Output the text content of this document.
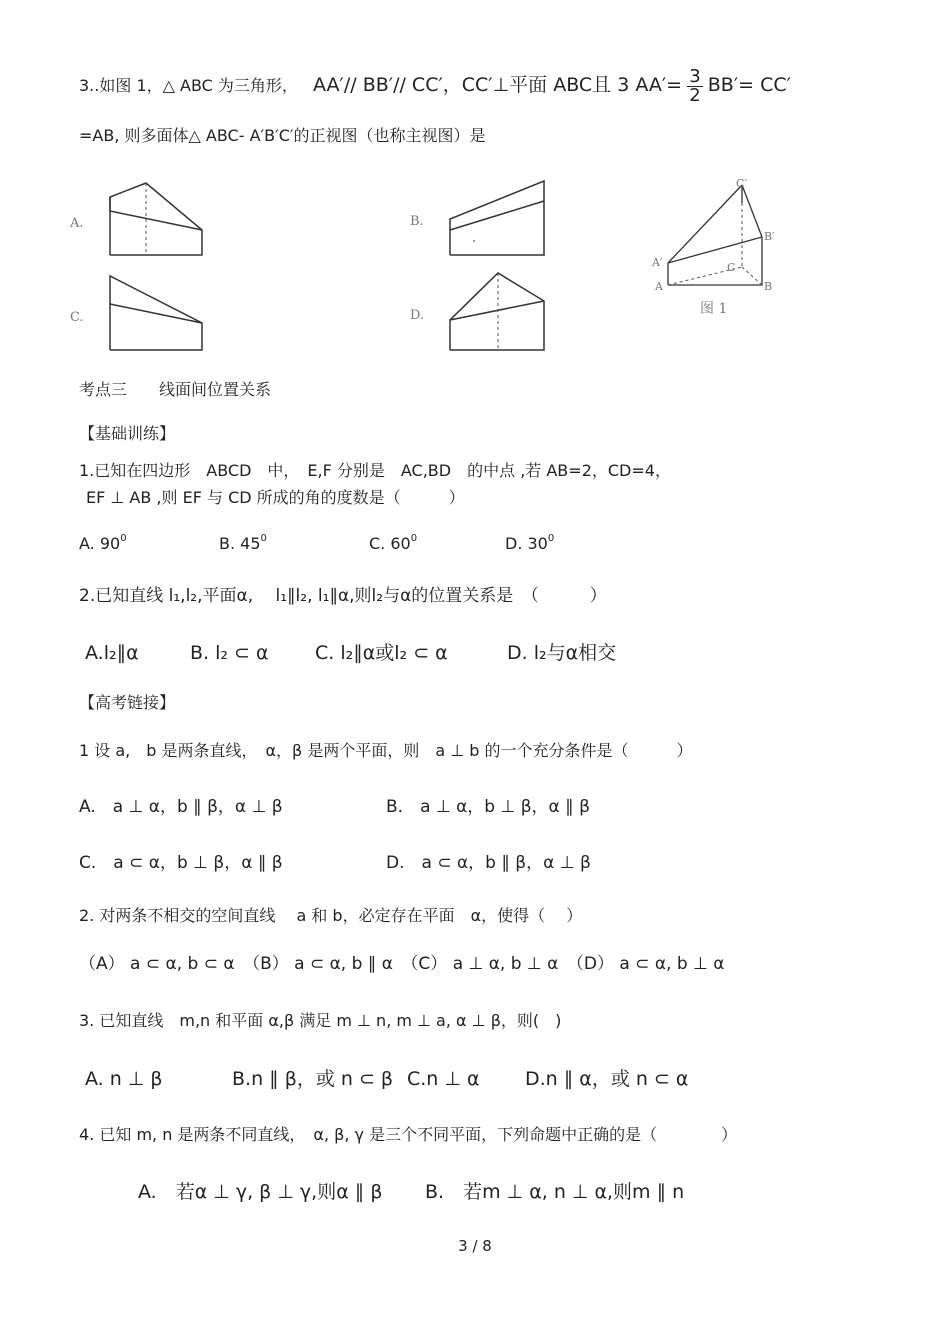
3..如图 1，△ ABC 为三角形， AA′// BB′// CC′，CC′⊥平面 ABC且 3 $AA'= \frac{3}{2} BB'= CC'$
=AB, 则多面体△ ABC- A′B′C′的正视图（也称主视图）是
A.	B.
C.	D.
C′
B′
A′	C
A	B
图 1
考点三　　线面间位置关系
【基础训练】
1.已知在四边形　ABCD　中，　E,F 分别是　AC,BD　的中点 ,若 AB=2，CD=4，
EF ⊥ AB ,则 EF 与 CD 所成的角的度数是（　　　）
A. $90^0$	B. $45^0$	C. $60^0$	D. $30^0$
2.已知直线 l₁,l₂,平面α,　 l₁∥l₂, l₁∥α,则l₂与α的位置关系是　（　　　）
A.l₂∥α	B. l₂ ⊂ α C. l₂∥α或l₂ ⊂ α	D. l₂与α相交
【高考链接】
1 设 a,　b 是两条直线，　α，β 是两个平面，则　a ⊥ b 的一个充分条件是（　　　）
A.　a ⊥ α，b ∥ β，α ⊥ β	B.　a ⊥ α，b ⊥ β，α ∥ β
C.　a ⊂ α，b ⊥ β，α ∥ β	D.　a ⊂ α，b ∥ β，α ⊥ β
2. 对两条不相交的空间直线　 a 和 b，必定存在平面　α，使得（　 ）
（A） a ⊂ α, b ⊂ α　（B） a ⊂ α, b ∥ α　（C） a ⊥ α, b ⊥ α　（D） a ⊂ α, b ⊥ α
3. 已知直线　m,n 和平面 α,β 满足 m ⊥ n, m ⊥ a, α ⊥ β，则(　)
A. n ⊥ β	B.n ∥ β，或 n ⊂ β C.n ⊥ α D.n ∥ α，或 n ⊂ α
4. 已知 m, n 是两条不同直线，　α, β, γ 是三个不同平面，下列命题中正确的是（　　　　）
A.　若α ⊥ γ, β ⊥ γ,则α ∥ β B.　若m ⊥ α, n ⊥ α,则m ∥ n
3 / 8
